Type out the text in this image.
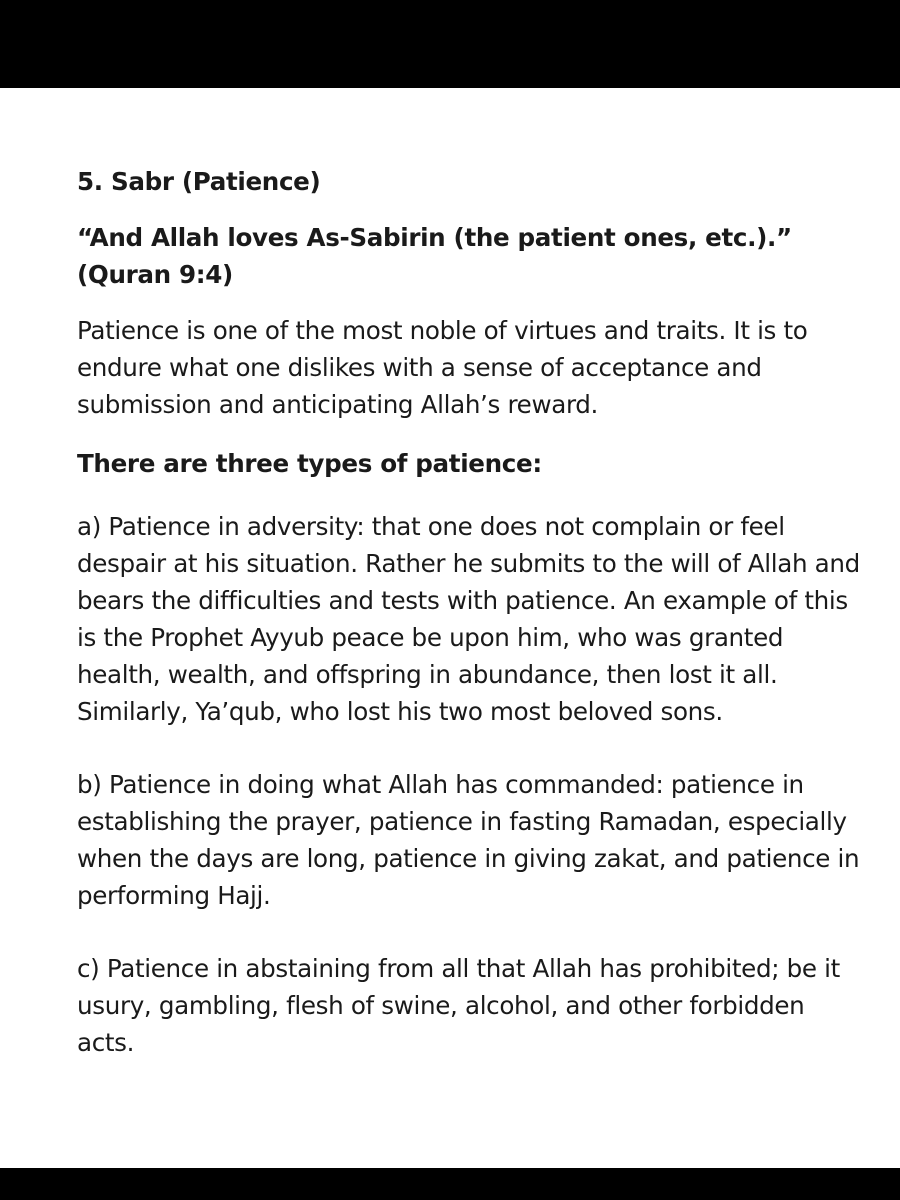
5. Sabr (Patience)

“And Allah loves As-Sabirin (the patient ones, etc.).” (Quran 9:4)

Patience is one of the most noble of virtues and traits. It is to endure what one dislikes with a sense of acceptance and submission and anticipating Allah’s reward.

There are three types of patience:

a) Patience in adversity: that one does not complain or feel despair at his situation. Rather he submits to the will of Allah and bears the difficulties and tests with patience. An example of this is the Prophet Ayyub peace be upon him, who was granted health, wealth, and offspring in abundance, then lost it all. Similarly, Ya’qub, who lost his two most beloved sons.

b) Patience in doing what Allah has commanded: patience in establishing the prayer, patience in fasting Ramadan, especially when the days are long, patience in giving zakat, and patience in performing Hajj.

c) Patience in abstaining from all that Allah has prohibited; be it usury, gambling, flesh of swine, alcohol, and other forbidden acts.
